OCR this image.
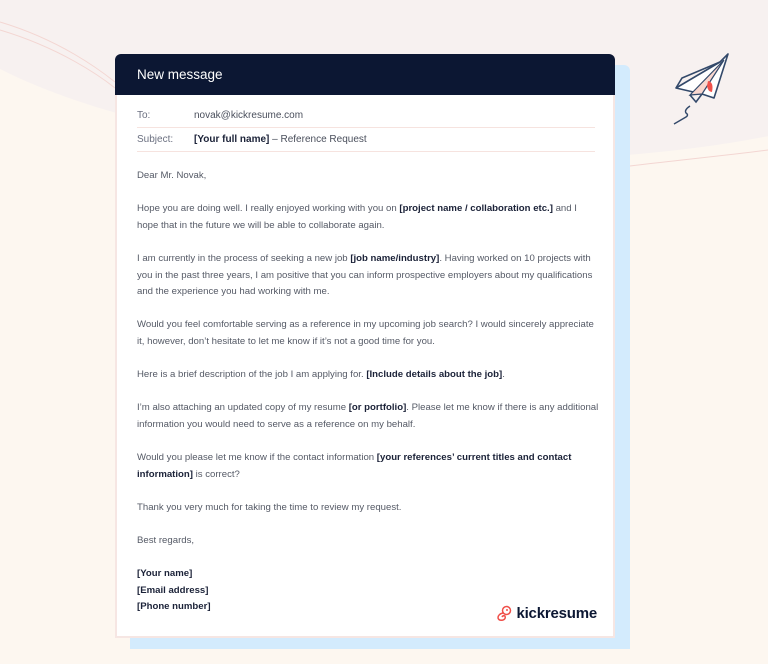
New message
To:	novak@kickresume.com
Subject:	[Your full name] – Reference Request

Dear Mr. Novak,

Hope you are doing well. I really enjoyed working with you on [project name / collaboration etc.] and I hope that in the future we will be able to collaborate again.

I am currently in the process of seeking a new job [job name/industry]. Having worked on 10 projects with you in the past three years, I am positive that you can inform prospective employers about my qualifications and the experience you had working with me.

Would you feel comfortable serving as a reference in my upcoming job search? I would sincerely appreciate it, however, don’t hesitate to let me know if it’s not a good time for you.

Here is a brief description of the job I am applying for. [Include details about the job].

I’m also attaching an updated copy of my resume [or portfolio]. Please let me know if there is any additional information you would need to serve as a reference on my behalf.

Would you please let me know if the contact information [your references’ current titles and contact information] is correct?

Thank you very much for taking the time to review my request.

Best regards,

[Your name]
[Email address]
[Phone number]	kickresume
